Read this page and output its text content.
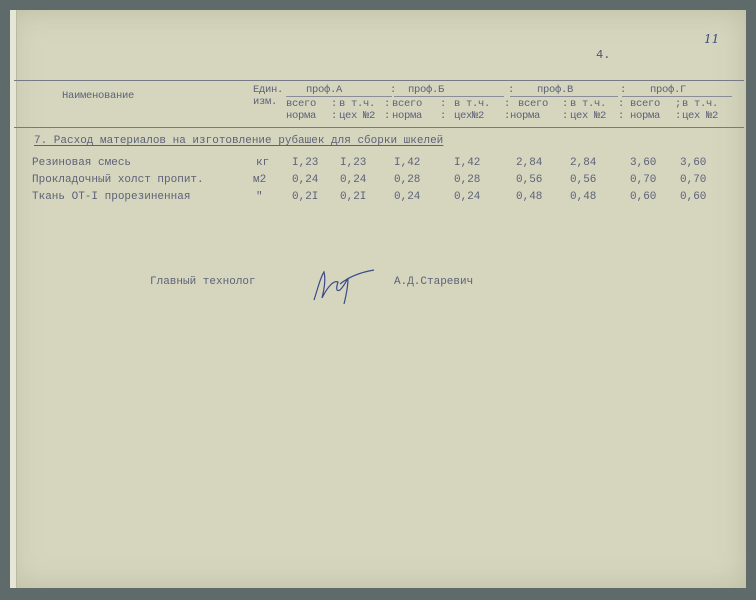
4.
11
Наименование	Един.
изм.
проф.А	: проф.Б	: проф.В	: проф.Г
всего : в т.ч. : всего : в т.ч. : всего : в т.ч. : всего ; в т.ч.
норма : цех №2 : норма : цех№2 : норма : цех №2 : норма : цех №2
7. Расход материалов на изготовление рубашек для сборки шкелей
Резиновая смесь	кг I,23 I,23	I,42	I,42	2,84	2,84	3,60 3,60
Прокладочный холст пропит.	м2 0,24 0,24	0,28	0,28	0,56	0,56	0,70 0,70
Ткань ОТ-I прорезиненная	"	0,2I 0,2I	0,24	0,24	0,48	0,48	0,60 0,60
Главный технолог	А.Д.Старевич
